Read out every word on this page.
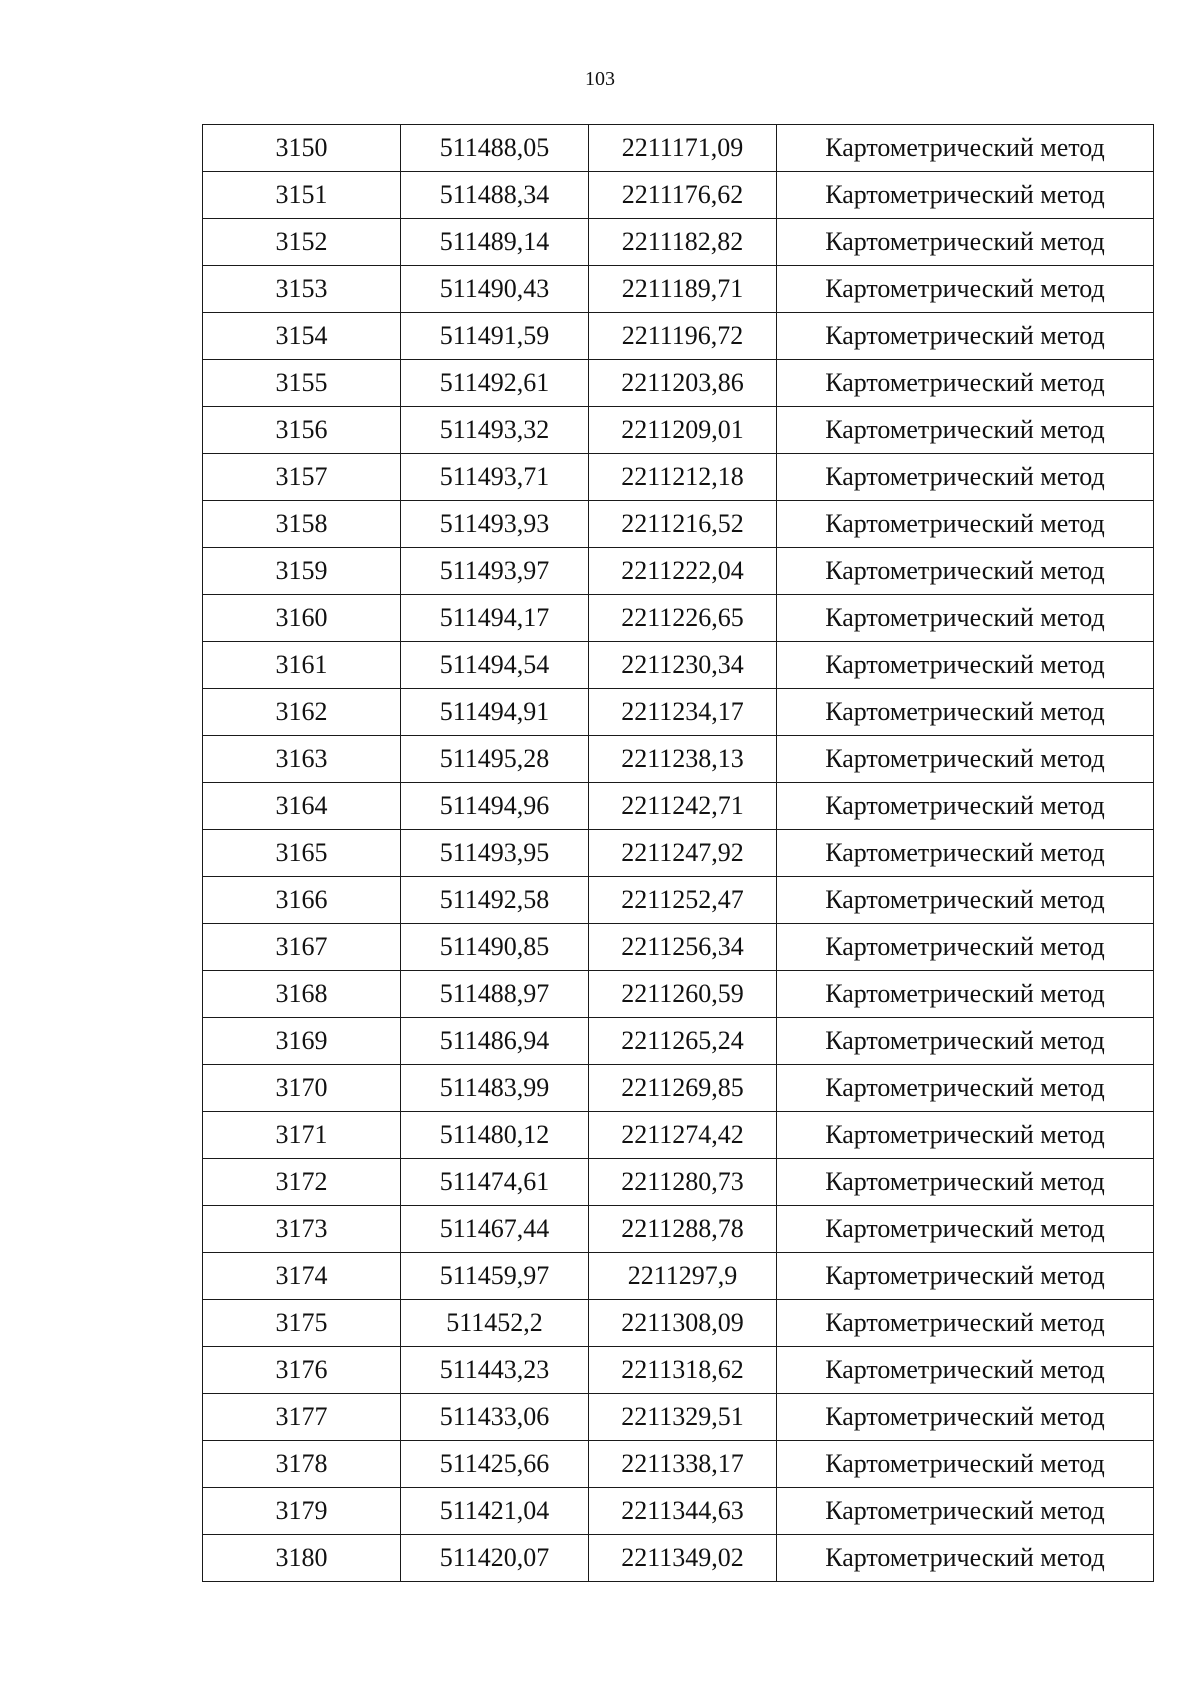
103
3150	511488,05	2211171,09	Картометрический метод
3151	511488,34	2211176,62	Картометрический метод
3152	511489,14	2211182,82	Картометрический метод
3153	511490,43	2211189,71	Картометрический метод
3154	511491,59	2211196,72	Картометрический метод
3155	511492,61	2211203,86	Картометрический метод
3156	511493,32	2211209,01	Картометрический метод
3157	511493,71	2211212,18	Картометрический метод
3158	511493,93	2211216,52	Картометрический метод
3159	511493,97	2211222,04	Картометрический метод
3160	511494,17	2211226,65	Картометрический метод
3161	511494,54	2211230,34	Картометрический метод
3162	511494,91	2211234,17	Картометрический метод
3163	511495,28	2211238,13	Картометрический метод
3164	511494,96	2211242,71	Картометрический метод
3165	511493,95	2211247,92	Картометрический метод
3166	511492,58	2211252,47	Картометрический метод
3167	511490,85	2211256,34	Картометрический метод
3168	511488,97	2211260,59	Картометрический метод
3169	511486,94	2211265,24	Картометрический метод
3170	511483,99	2211269,85	Картометрический метод
3171	511480,12	2211274,42	Картометрический метод
3172	511474,61	2211280,73	Картометрический метод
3173	511467,44	2211288,78	Картометрический метод
3174	511459,97	2211297,9	Картометрический метод
3175	511452,2	2211308,09	Картометрический метод
3176	511443,23	2211318,62	Картометрический метод
3177	511433,06	2211329,51	Картометрический метод
3178	511425,66	2211338,17	Картометрический метод
3179	511421,04	2211344,63	Картометрический метод
3180	511420,07	2211349,02	Картометрический метод
